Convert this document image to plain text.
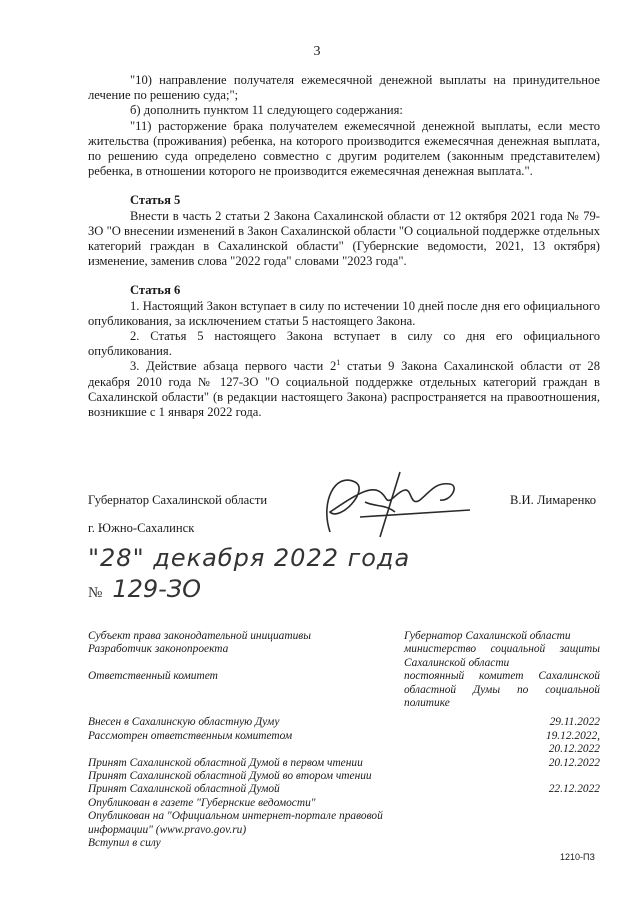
3

"10) направление получателя ежемесячной денежной выплаты на принудительное лечение по решению суда;";

б) дополнить пунктом 11 следующего содержания:

"11) расторжение брака получателем ежемесячной денежной выплаты, если место жительства (проживания) ребенка, на которого производится ежемесячная денежная выплата, по решению суда определено совместно с другим родителем (законным представителем) ребенка, в отношении которого не производится ежемесячная денежная выплата.".

Статья 5

Внести в часть 2 статьи 2 Закона Сахалинской области от 12 октября 2021 года № 79-ЗО "О внесении изменений в Закон Сахалинской области "О социальной поддержке отдельных категорий граждан в Сахалинской области" (Губернские ведомости, 2021, 13 октября) изменение, заменив слова "2022 года" словами "2023 года".

Статья 6

1. Настоящий Закон вступает в силу по истечении 10 дней после дня его официального опубликования, за исключением статьи 5 настоящего Закона.

2. Статья 5 настоящего Закона вступает в силу со дня его официального опубликования.

3. Действие абзаца первого части $2^1$ статьи 9 Закона Сахалинской области от 28 декабря 2010 года № 127-ЗО "О социальной поддержке отдельных категорий граждан в Сахалинской области" (в редакции настоящего Закона) распространяется на правоотношения, возникшие с 1 января 2022 года.

Губернатор Сахалинской области	В.И. Лимаренко
г. Южно-Сахалинск
"28" декабря 2022 года
№ 129-ЗО
Субъект права законодательной инициативы	Губернатор Сахалинской области
Разработчик законопроекта	министерство социальной защиты Сахалинской области
Ответственный комитет	постоянный комитет Сахалинской областной Думы по социальной политике
Внесен в Сахалинскую областную Думу	29.11.2022
Рассмотрен ответственным комитетом	19.12.2022, 20.12.2022
Принят Сахалинской областной Думой в первом чтении	20.12.2022
Принят Сахалинской областной Думой во втором чтении
Принят Сахалинской областной Думой	22.12.2022
Опубликован в газете "Губернские ведомости"
Опубликован на "Официальном интернет-портале правовой информации" (www.pravo.gov.ru)
Вступил в силу
1210-ПЗ
